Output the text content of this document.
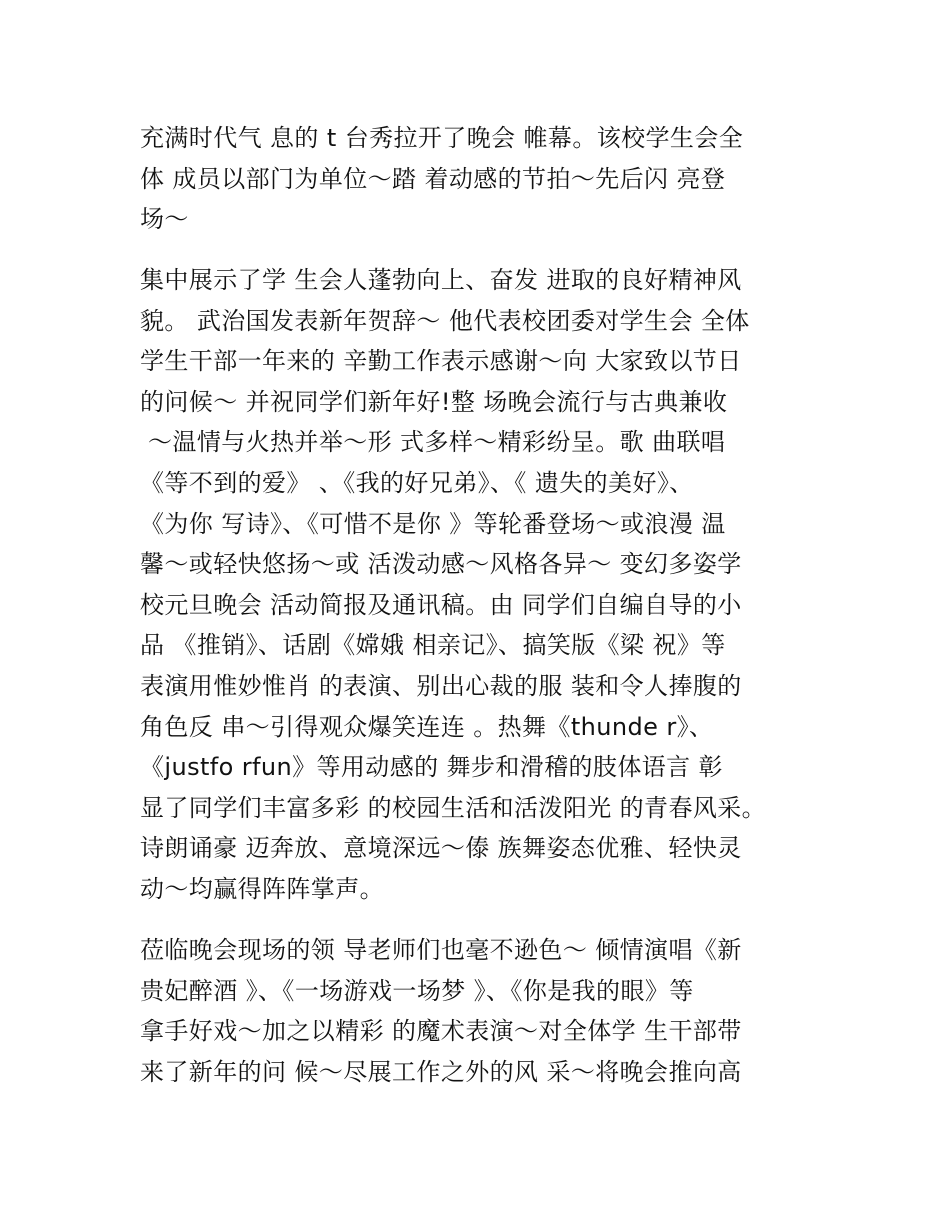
充满时代气 息的 t 台秀拉开了晚会 帷幕。该校学生会全
体 成员以部门为单位～踏 着动感的节拍～先后闪 亮登
场～
集中展示了学 生会人蓬勃向上、奋发 进取的良好精神风
貌。 武治国发表新年贺辞～ 他代表校团委对学生会 全体
学生干部一年来的 辛勤工作表示感谢～向 大家致以节日
的问候～ 并祝同学们新年好!整 场晚会流行与古典兼收
～温情与火热并举～形 式多样～精彩纷呈。歌 曲联唱
《等不到的爱》 、《我的好兄弟》、《 遗失的美好》、
《为你 写诗》、《可惜不是你 》等轮番登场～或浪漫 温
馨～或轻快悠扬～或 活泼动感～风格各异～ 变幻多姿学
校元旦晚会 活动简报及通讯稿。由 同学们自编自导的小
品 《推销》、话剧《嫦娥 相亲记》、搞笑版《梁 祝》等
表演用惟妙惟肖 的表演、别出心裁的服 装和令人捧腹的
角色反 串～引得观众爆笑连连 。热舞《thunde r》、
《justfo rfun》等用动感的 舞步和滑稽的肢体语言 彰
显了同学们丰富多彩 的校园生活和活泼阳光 的青春风采。
诗朗诵豪 迈奔放、意境深远～傣 族舞姿态优雅、轻快灵
动～均赢得阵阵掌声。
莅临晚会现场的领 导老师们也毫不逊色～ 倾情演唱《新
贵妃醉酒 》、《一场游戏一场梦 》、《你是我的眼》等
拿手好戏～加之以精彩 的魔术表演～对全体学 生干部带
来了新年的问 候～尽展工作之外的风 采～将晚会推向高
